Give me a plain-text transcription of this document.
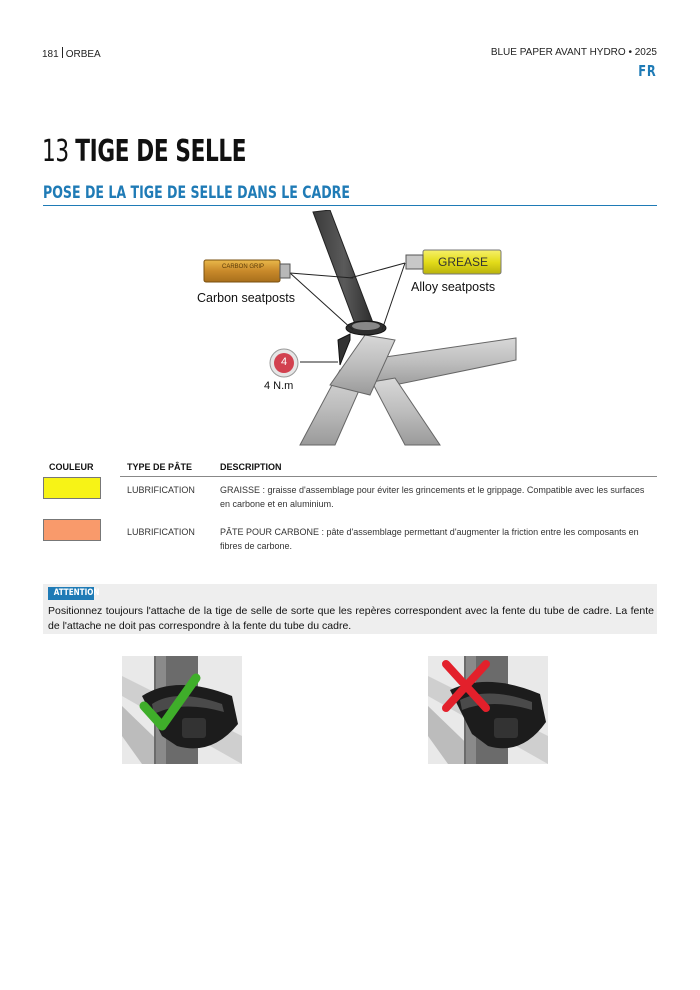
181 ORBEA	BLUE PAPER AVANT HYDRO • 2025
FR
13 TIGE DE SELLE
POSE DE LA TIGE DE SELLE DANS LE CADRE
CARBON GRIP	GREASE
Carbon seatposts
Alloy seatposts
4
4 N.m
COULEUR	TYPE DE PÂTE	DESCRIPTION
LUBRIFICATION	GRAISSE : graisse d'assemblage pour éviter les grincements et le grippage. Compatible avec les surfaces en carbone et en aluminium.
LUBRIFICATION	PÂTE POUR CARBONE : pâte d'assemblage permettant d'augmenter la friction entre les composants en fibres de carbone.
ATTENTION
Positionnez toujours l'attache de la tige de selle de sorte que les repères correspondent avec la fente du tube de cadre. La fente de l'attache ne doit pas correspondre à la fente du tube du cadre.
